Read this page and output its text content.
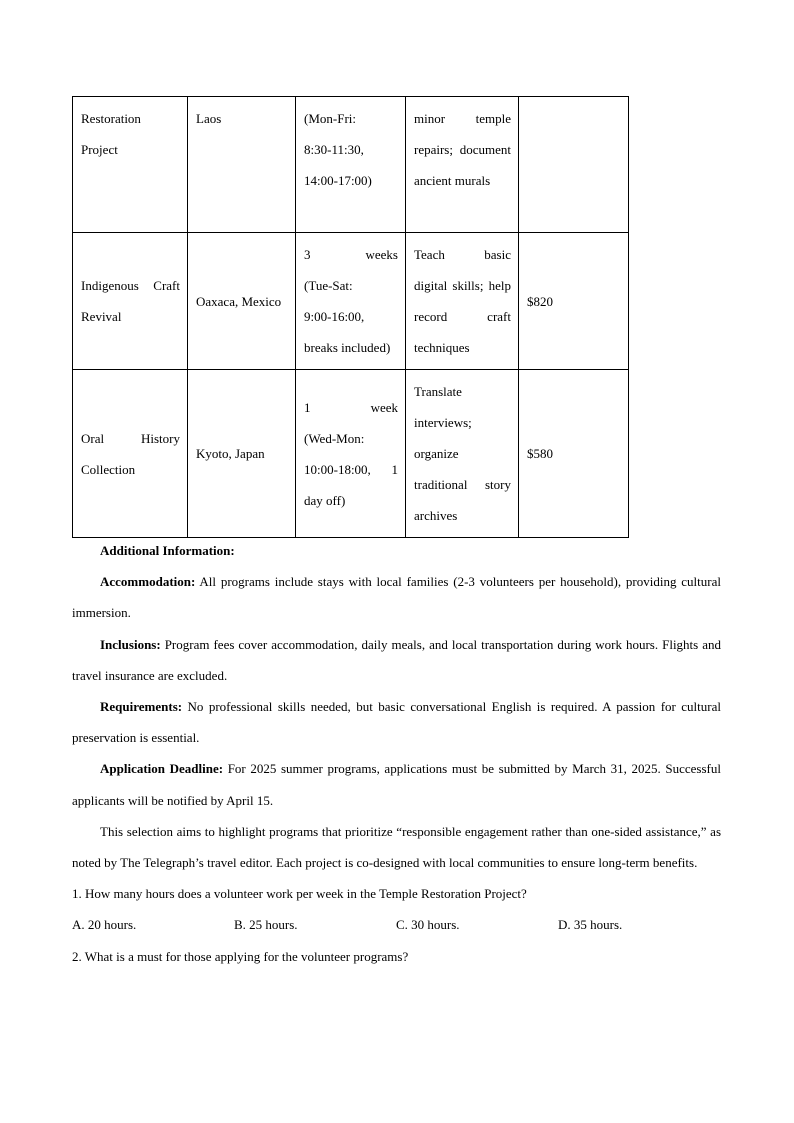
Restoration Project	Laos	(Mon-Fri:
8:30-11:30,
14:00-17:00)	minor temple repairs; document ancient murals	
Indigenous Craft Revival	Oaxaca, Mexico	3 weeks
(Tue-Sat:
9:00-16:00,
breaks included)	Teach basic digital skills; help record craft techniques	$820
Oral History Collection	Kyoto, Japan	1 week
(Wed-Mon:
10:00-18:00, 1
day off)	Translate interviews; organize traditional story archives	$580

Additional Information:

Accommodation: All programs include stays with local families (2-3 volunteers per household), providing cultural immersion.

Inclusions: Program fees cover accommodation, daily meals, and local transportation during work hours. Flights and travel insurance are excluded.

Requirements: No professional skills needed, but basic conversational English is required. A passion for cultural preservation is essential.

Application Deadline: For 2025 summer programs, applications must be submitted by March 31, 2025. Successful applicants will be notified by April 15.

This selection aims to highlight programs that prioritize “responsible engagement rather than one-sided assistance,” as noted by The Telegraph’s travel editor. Each project is co-designed with local communities to ensure long-term benefits.

1. How many hours does a volunteer work per week in the Temple Restoration Project?

A. 20 hours.	B. 25 hours.	C. 30 hours.	D. 35 hours.

2. What is a must for those applying for the volunteer programs?
